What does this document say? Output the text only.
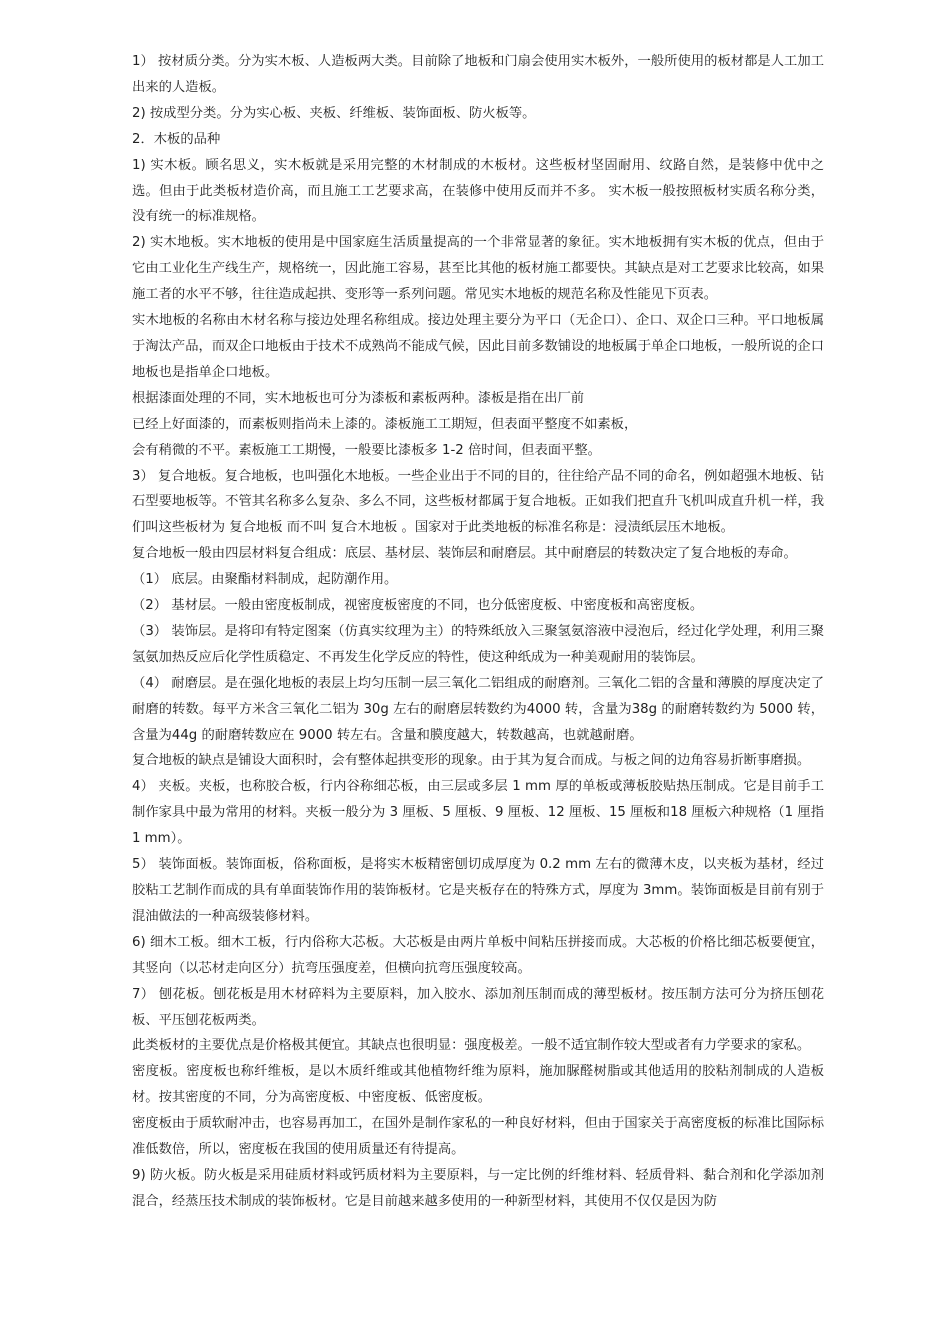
1） 按材质分类。分为实木板、人造板两大类。目前除了地板和门扇会使用实木板外，一般所使用的板材都是人工加工出来的人造板。

2) 按成型分类。分为实心板、夹板、纤维板、装饰面板、防火板等。

2．木板的品种

1) 实木板。顾名思义，实木板就是采用完整的木材制成的木板材。这些板材坚固耐用、纹路自然，是装修中优中之选。但由于此类板材造价高，而且施工工艺要求高，在装修中使用反而并不多。 实木板一般按照板材实质名称分类，没有统一的标准规格。

2) 实木地板。实木地板的使用是中国家庭生活质量提高的一个非常显著的象征。实木地板拥有实木板的优点，但由于它由工业化生产线生产，规格统一，因此施工容易，甚至比其他的板材施工都要快。其缺点是对工艺要求比较高，如果施工者的水平不够，往往造成起拱、变形等一系列问题。常见实木地板的规范名称及性能见下页表。

实木地板的名称由木材名称与接边处理名称组成。接边处理主要分为平口（无企口）、企口、双企口三种。平口地板属于淘汰产品，而双企口地板由于技术不成熟尚不能成气候，因此目前多数铺设的地板属于单企口地板，一般所说的企口地板也是指单企口地板。

根据漆面处理的不同，实木地板也可分为漆板和素板两种。漆板是指在出厂前

已经上好面漆的，而素板则指尚未上漆的。漆板施工工期短，但表面平整度不如素板，

会有稍微的不平。素板施工工期慢，一般要比漆板多 1-2 倍时间，但表面平整。

3） 复合地板。复合地板，也叫强化木地板。一些企业出于不同的目的，往往给产品不同的命名，例如超强木地板、钻石型要地板等。不管其名称多么复杂、多么不同，这些板材都属于复合地板。正如我们把直升飞机叫成直升机一样，我们叫这些板材为 复合地板 而不叫 复合木地板 。国家对于此类地板的标准名称是：浸渍纸层压木地板。

复合地板一般由四层材料复合组成：底层、基材层、装饰层和耐磨层。其中耐磨层的转数决定了复合地板的寿命。

（1） 底层。由聚酯材料制成，起防潮作用。

（2） 基材层。一般由密度板制成，视密度板密度的不同，也分低密度板、中密度板和高密度板。

（3） 装饰层。是将印有特定图案（仿真实纹理为主）的特殊纸放入三聚氢氨溶液中浸泡后，经过化学处理，利用三聚氢氨加热反应后化学性质稳定、不再发生化学反应的特性，使这种纸成为一种美观耐用的装饰层。

（4） 耐磨层。是在强化地板的表层上均匀压制一层三氧化二铝组成的耐磨剂。三氧化二铝的含量和薄膜的厚度决定了耐磨的转数。每平方米含三氧化二铝为 30g 左右的耐磨层转数约为4000 转，含量为38g 的耐磨转数约为 5000 转，含量为44g 的耐磨转数应在 9000 转左右。含量和膜度越大，转数越高，也就越耐磨。

复合地板的缺点是铺设大面积时，会有整体起拱变形的现象。由于其为复合而成。与板之间的边角容易折断事磨损。

4） 夹板。夹板，也称胶合板，行内谷称细芯板，由三层或多层 1 mm 厚的单板或薄板胶贴热压制成。它是目前手工制作家具中最为常用的材料。夹板一般分为 3 厘板、5 厘板、9 厘板、12 厘板、15 厘板和18 厘板六种规格（1 厘指 1 mm）。

5） 装饰面板。装饰面板，俗称面板，是将实木板精密刨切成厚度为 0.2 mm 左右的微薄木皮，以夹板为基材，经过胶粘工艺制作而成的具有单面装饰作用的装饰板材。它是夹板存在的特殊方式，厚度为 3mm。装饰面板是目前有别于混油做法的一种高级装修材料。

6) 细木工板。细木工板，行内俗称大芯板。大芯板是由两片单板中间粘压拼接而成。大芯板的价格比细芯板要便宜，其竖向（以芯材走向区分）抗弯压强度差，但横向抗弯压强度较高。

7） 刨花板。刨花板是用木材碎料为主要原料，加入胶水、添加剂压制而成的薄型板材。按压制方法可分为挤压刨花板、平压刨花板两类。

此类板材的主要优点是价格极其便宜。其缺点也很明显：强度极差。一般不适宜制作较大型或者有力学要求的家私。

密度板。密度板也称纤维板，是以木质纤维或其他植物纤维为原料，施加脲醛树脂或其他适用的胶粘剂制成的人造板材。按其密度的不同，分为高密度板、中密度板、低密度板。

密度板由于质软耐冲击，也容易再加工，在国外是制作家私的一种良好材料，但由于国家关于高密度板的标准比国际标准低数倍，所以，密度板在我国的使用质量还有待提高。

9) 防火板。防火板是采用硅质材料或钙质材料为主要原料，与一定比例的纤维材料、轻质骨料、黏合剂和化学添加剂混合，经蒸压技术制成的装饰板材。它是目前越来越多使用的一种新型材料，其使用不仅仅是因为防
